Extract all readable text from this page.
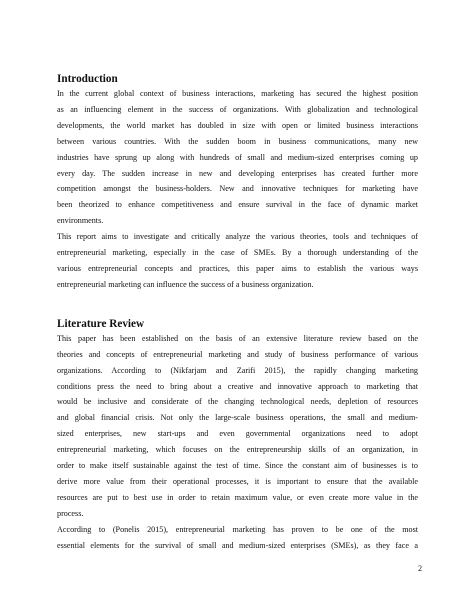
Introduction

In the current global context of business interactions, marketing has secured the highest position
as an influencing element in the success of organizations. With globalization and technological
developments, the world market has doubled in size with open or limited business interactions
between various countries. With the sudden boom in business communications, many new
industries have sprung up along with hundreds of small and medium-sized enterprises coming up
every day. The sudden increase in new and developing enterprises has created further more
competition amongst the business-holders. New and innovative techniques for marketing have
been theorized to enhance competitiveness and ensure survival in the face of dynamic market
environments.

This report aims to investigate and critically analyze the various theories, tools and techniques of
entrepreneurial marketing, especially in the case of SMEs. By a thorough understanding of the
various entrepreneurial concepts and practices, this paper aims to establish the various ways
entrepreneurial marketing can influence the success of a business organization.

Literature Review

This paper has been established on the basis of an extensive literature review based on the
theories and concepts of entrepreneurial marketing and study of business performance of various
organizations. According to (Nikfarjam and Zarifi 2015), the rapidly changing marketing
conditions press the need to bring about a creative and innovative approach to marketing that
would be inclusive and considerate of the changing technological needs, depletion of resources
and global financial crisis. Not only the large-scale business operations, the small and medium-
sized enterprises, new start-ups and even governmental organizations need to adopt
entrepreneurial marketing, which focuses on the entrepreneurship skills of an organization, in
order to make itself sustainable against the test of time. Since the constant aim of businesses is to
derive more value from their operational processes, it is important to ensure that the available
resources are put to best use in order to retain maximum value, or even create more value in the
process.

According to (Ponelis 2015), entrepreneurial marketing has proven to be one of the most
essential elements for the survival of small and medium-sized enterprises (SMEs), as they face a

2
